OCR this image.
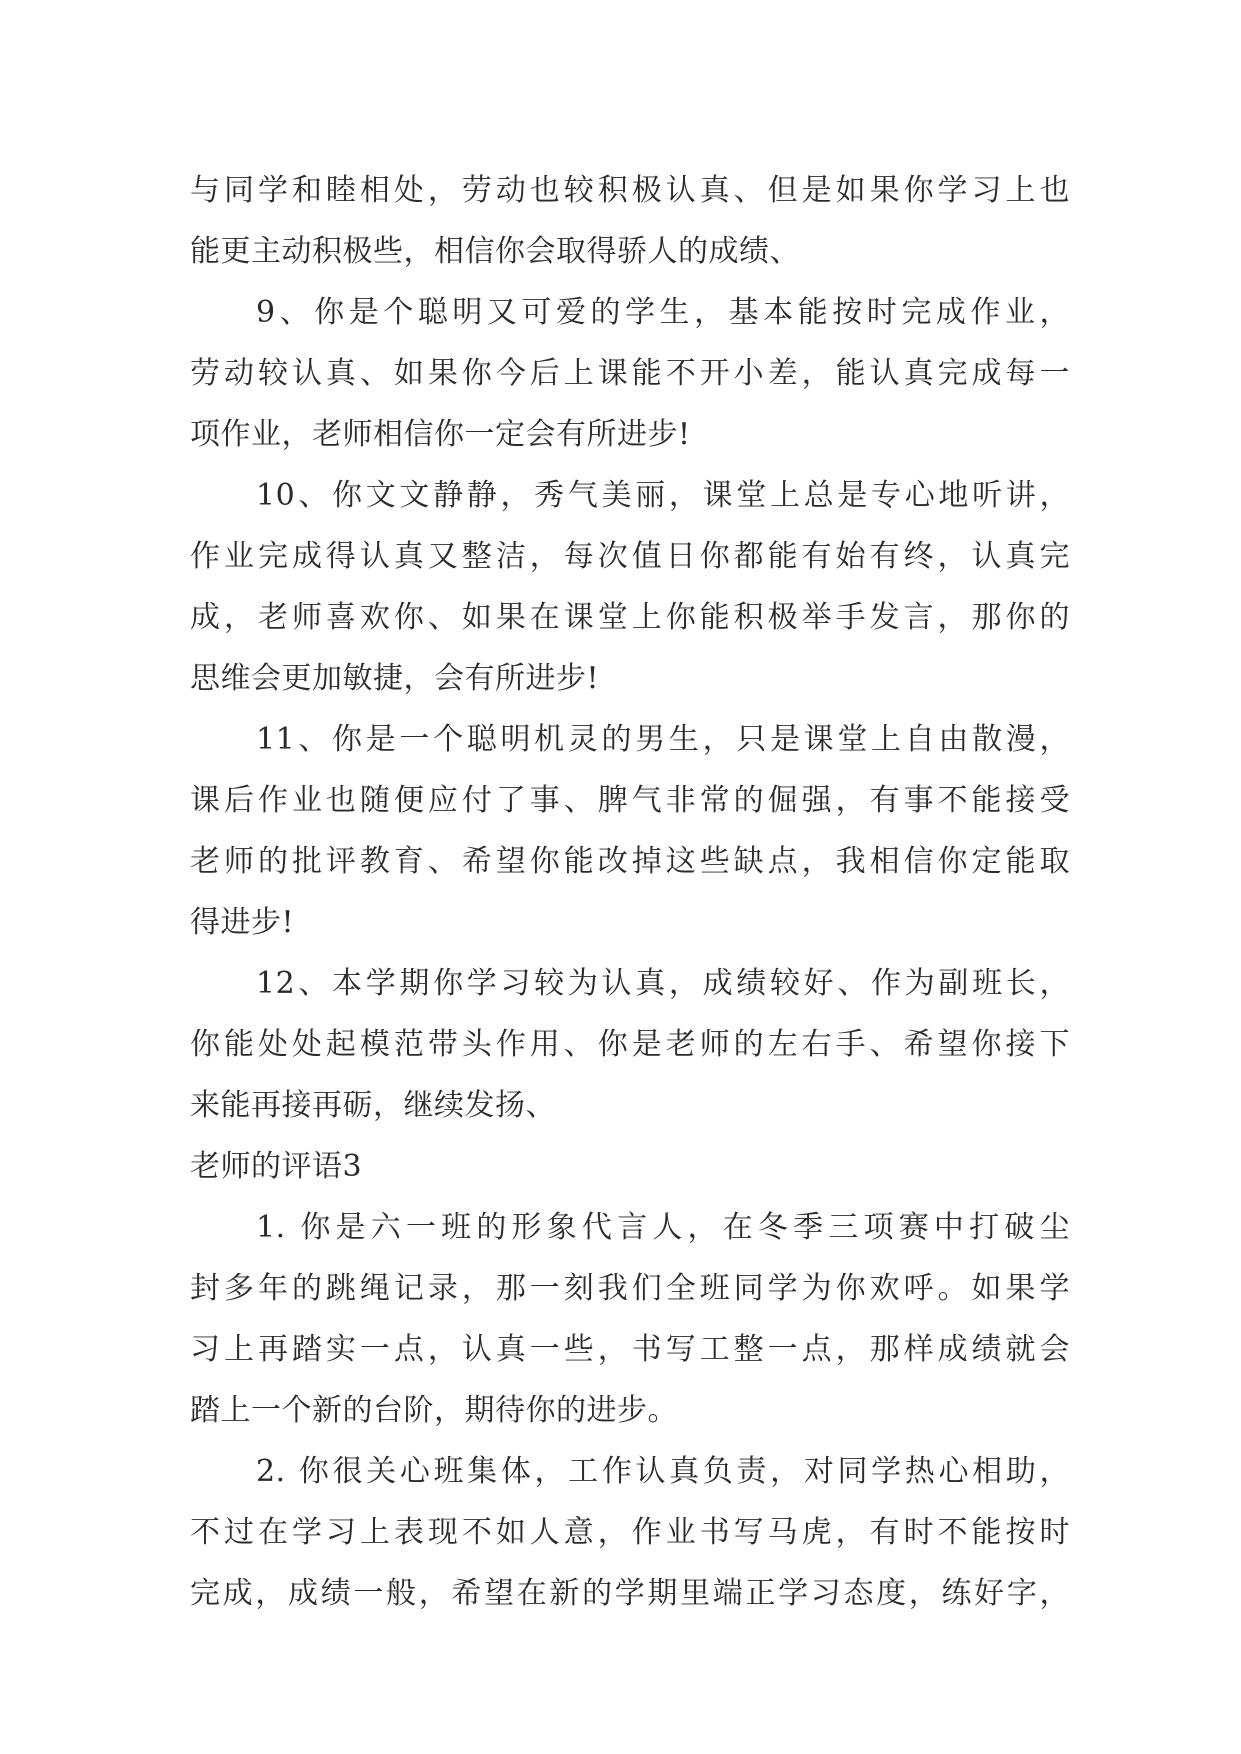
与同学和睦相处，劳动也较积极认真、但是如果你学习上也
能更主动积极些，相信你会取得骄人的成绩、
9、你是个聪明又可爱的学生，基本能按时完成作业，
劳动较认真、如果你今后上课能不开小差，能认真完成每一
项作业，老师相信你一定会有所进步!
10、你文文静静，秀气美丽，课堂上总是专心地听讲，
作业完成得认真又整洁，每次值日你都能有始有终，认真完
成，老师喜欢你、如果在课堂上你能积极举手发言，那你的
思维会更加敏捷，会有所进步!
11、你是一个聪明机灵的男生，只是课堂上自由散漫，
课后作业也随便应付了事、脾气非常的倔强，有事不能接受
老师的批评教育、希望你能改掉这些缺点，我相信你定能取
得进步!
12、本学期你学习较为认真，成绩较好、作为副班长，
你能处处起模范带头作用、你是老师的左右手、希望你接下
来能再接再砺，继续发扬、
老师的评语3
1. 你是六一班的形象代言人，在冬季三项赛中打破尘
封多年的跳绳记录，那一刻我们全班同学为你欢呼。如果学
习上再踏实一点，认真一些，书写工整一点，那样成绩就会
踏上一个新的台阶，期待你的进步。
2. 你很关心班集体，工作认真负责，对同学热心相助，
不过在学习上表现不如人意，作业书写马虎，有时不能按时
完成，成绩一般，希望在新的学期里端正学习态度，练好字，
